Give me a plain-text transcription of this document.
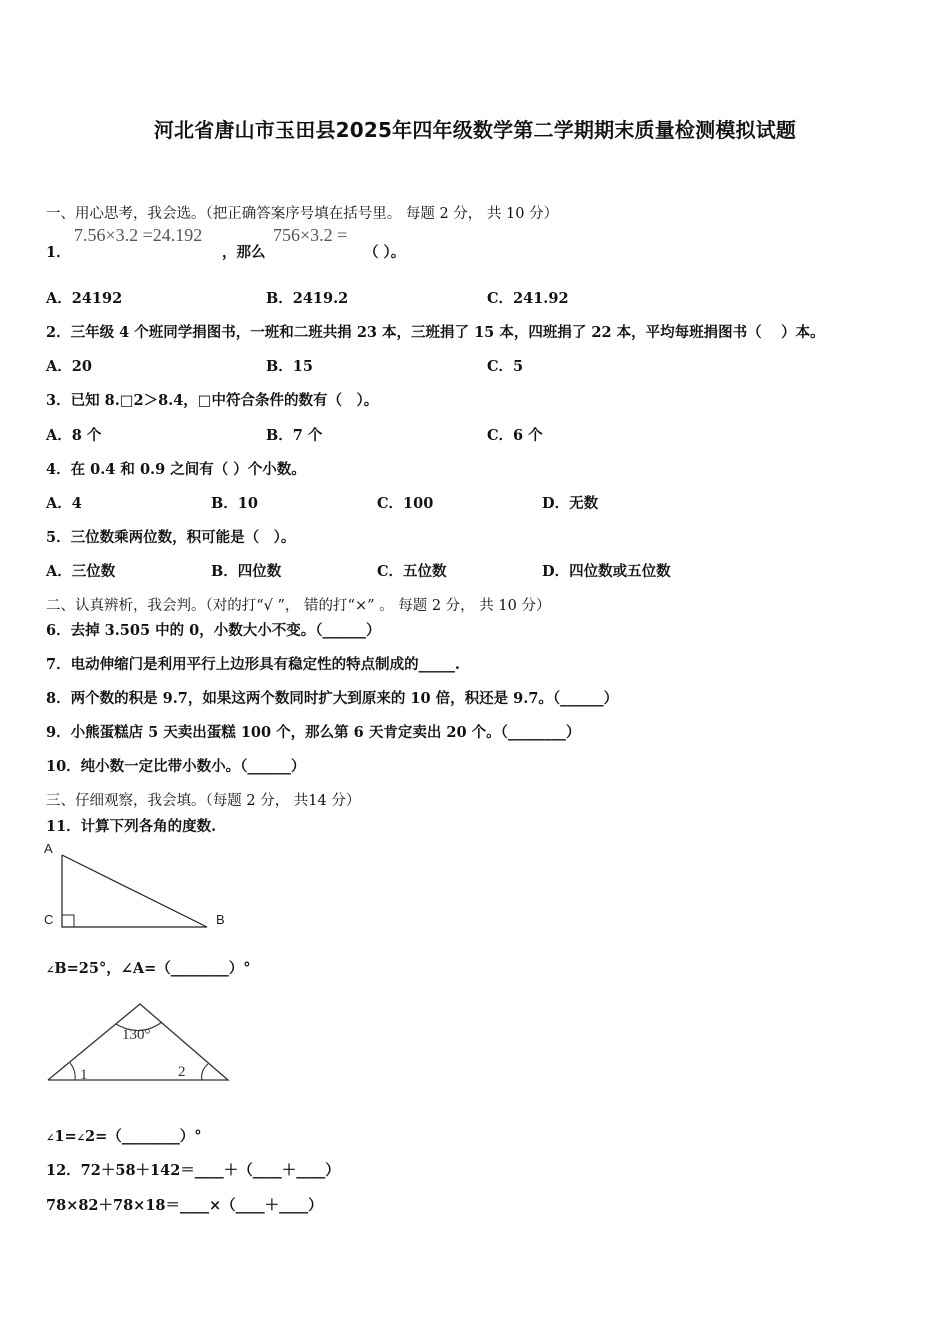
河北省唐山市玉田县2025年四年级数学第二学期期末质量检测模拟试题
一、用心思考，我会选。（把正确答案序号填在括号里。 每题 2 分， 共 10 分）
1．
7.56×3.2 =24.192
，那么
756×3.2 =
（ ）。
A．24192	B．2419.2	C．241.92
2．三年级 4 个班同学捐图书，一班和二班共捐 23 本，三班捐了 15 本，四班捐了 22 本，平均每班捐图书（　 ）本。
A．20	B．15	C．5
3．已知 8.□2＞8.4，□中符合条件的数有（　）。
A．8 个	B．7 个	C．6 个
4．在 0.4 和 0.9 之间有（ ）个小数。
A．4	B．10	C．100	D．无数
5．三位数乘两位数，积可能是（　）。
A．三位数	B．四位数	C．五位数	D．四位数或五位数
二、认真辨析，我会判。（对的打“√ ”， 错的打“×” 。 每题 2 分， 共 10 分）
6．去掉 3.505 中的 0，小数大小不变。（______）
7．电动伸缩门是利用平行上边形具有稳定性的特点制成的_____.
8．两个数的积是 9.7，如果这两个数同时扩大到原来的 10 倍，积还是 9.7。（______）
9．小熊蛋糕店 5 天卖出蛋糕 100 个，那么第 6 天肯定卖出 20 个。（________）
10．纯小数一定比带小数小。（______）
三、仔细观察，我会填。（每题 2 分， 共14 分）
11．计算下列各角的度数.
A
C	B
∠B=25°，∠A=（________）°
130°
1	2
∠1=∠2=（________）°
12．72＋58＋142＝____＋（____＋____）
78×82＋78×18＝____×（____＋____）
